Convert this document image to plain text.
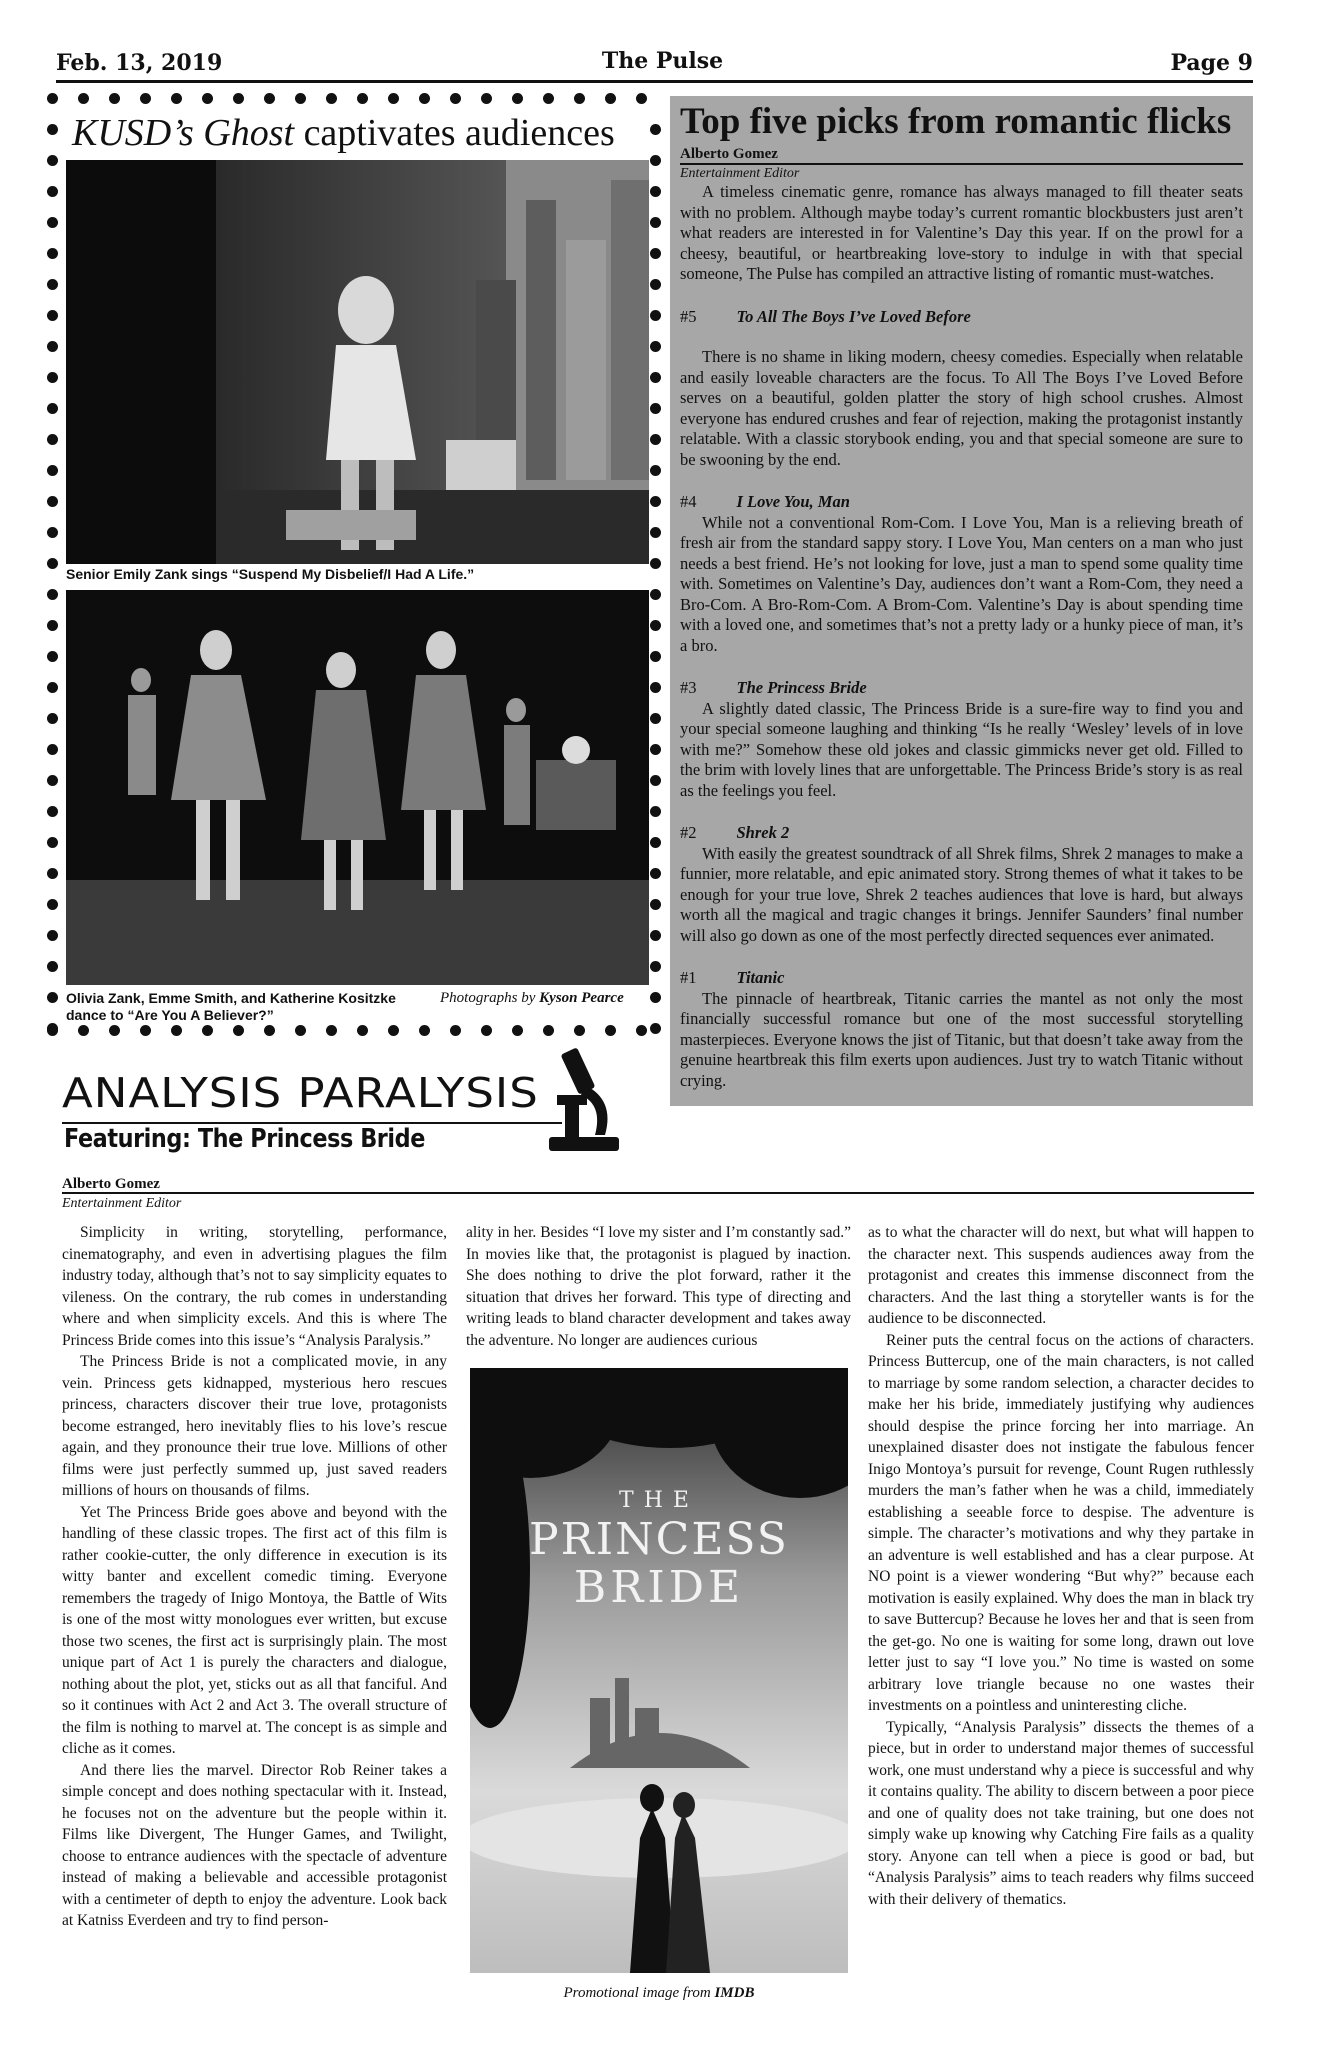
Feb. 13, 2019	The Pulse	Page 9
KUSD’s Ghost captivates audiences
Senior Emily Zank sings “Suspend My Disbelief/I Had A Life.”
Olivia Zank, Emme Smith, and Katherine Kositzke dance to “Are You A Believer?”
Photographs by Kyson Pearce
Top five picks from romantic flicks
Alberto Gomez
Entertainment Editor

A timeless cinematic genre, romance has always managed to fill theater seats with no problem. Although maybe today’s current romantic blockbusters just aren’t what readers are interested in for Valentine’s Day this year. If on the prowl for a cheesy, beautiful, or heartbreaking love-story to indulge in with that special someone, The Pulse has compiled an attractive listing of romantic must-watches.

#5 To All The Boys I’ve Loved Before

There is no shame in liking modern, cheesy comedies. Especially when relatable and easily loveable characters are the focus. To All The Boys I’ve Loved Before serves on a beautiful, golden platter the story of high school crushes. Almost everyone has endured crushes and fear of rejection, making the protagonist instantly relatable. With a classic storybook ending, you and that special someone are sure to be swooning by the end.

#4 I Love You, Man

While not a conventional Rom-Com. I Love You, Man is a relieving breath of fresh air from the standard sappy story. I Love You, Man centers on a man who just needs a best friend. He’s not looking for love, just a man to spend some quality time with. Sometimes on Valentine’s Day, audiences don’t want a Rom-Com, they need a Bro-Com. A Bro-Rom-Com. A Brom-Com. Valentine’s Day is about spending time with a loved one, and sometimes that’s not a pretty lady or a hunky piece of man, it’s a bro.

#3 The Princess Bride

A slightly dated classic, The Princess Bride is a sure-fire way to find you and your special someone laughing and thinking “Is he really ‘Wesley’ levels of in love with me?” Somehow these old jokes and classic gimmicks never get old. Filled to the brim with lovely lines that are unforgettable. The Princess Bride’s story is as real as the feelings you feel.

#2 Shrek 2

With easily the greatest soundtrack of all Shrek films, Shrek 2 manages to make a funnier, more relatable, and epic animated story. Strong themes of what it takes to be enough for your true love, Shrek 2 teaches audiences that love is hard, but always worth all the magical and tragic changes it brings. Jennifer Saunders’ final number will also go down as one of the most perfectly directed sequences ever animated.

#1 Titanic

The pinnacle of heartbreak, Titanic carries the mantel as not only the most financially successful romance but one of the most successful storytelling masterpieces. Everyone knows the jist of Titanic, but that doesn’t take away from the genuine heartbreak this film exerts upon audiences. Just try to watch Titanic without crying.

ANALYSIS PARALYSIS
Featuring: The Princess Bride
Alberto Gomez
Entertainment Editor

Simplicity in writing, storytelling, performance, cinematography, and even in advertising plagues the film industry today, although that’s not to say simplicity equates to vileness. On the contrary, the rub comes in understanding where and when simplicity excels. And this is where The Princess Bride comes into this issue’s “Analysis Paralysis.”

The Princess Bride is not a complicated movie, in any vein. Princess gets kidnapped, mysterious hero rescues princess, characters discover their true love, protagonists become estranged, hero inevitably flies to his love’s rescue again, and they pronounce their true love. Millions of other films were just perfectly summed up, just saved readers millions of hours on thousands of films.

Yet The Princess Bride goes above and beyond with the handling of these classic tropes. The first act of this film is rather cookie-cutter, the only difference in execution is its witty banter and excellent comedic timing. Everyone remembers the tragedy of Inigo Montoya, the Battle of Wits is one of the most witty monologues ever written, but excuse those two scenes, the first act is surprisingly plain. The most unique part of Act 1 is purely the characters and dialogue, nothing about the plot, yet, sticks out as all that fanciful. And so it continues with Act 2 and Act 3. The overall structure of the film is nothing to marvel at. The concept is as simple and cliche as it comes.

And there lies the marvel. Director Rob Reiner takes a simple concept and does nothing spectacular with it. Instead, he focuses not on the adventure but the people within it. Films like Divergent, The Hunger Games, and Twilight, choose to entrance audiences with the spectacle of adventure instead of making a believable and accessible protagonist with a centimeter of depth to enjoy the adventure. Look back at Katniss Everdeen and try to find person-

ality in her. Besides “I love my sister and I’m constantly sad.” In movies like that, the protagonist is plagued by inaction. She does nothing to drive the plot forward, rather it the situation that drives her forward. This type of directing and writing leads to bland character development and takes away the adventure. No longer are audiences curious

THE
PRINCESS
BRIDE
Promotional image from IMDB

as to what the character will do next, but what will happen to the character next. This suspends audiences away from the protagonist and creates this immense disconnect from the characters. And the last thing a storyteller wants is for the audience to be disconnected.

Reiner puts the central focus on the actions of characters. Princess Buttercup, one of the main characters, is not called to marriage by some random selection, a character decides to make her his bride, immediately justifying why audiences should despise the prince forcing her into marriage. An unexplained disaster does not instigate the fabulous fencer Inigo Montoya’s pursuit for revenge, Count Rugen ruthlessly murders the man’s father when he was a child, immediately establishing a seeable force to despise. The adventure is simple. The character’s motivations and why they partake in an adventure is well established and has a clear purpose. At NO point is a viewer wondering “But why?” because each motivation is easily explained. Why does the man in black try to save Buttercup? Because he loves her and that is seen from the get-go. No one is waiting for some long, drawn out love letter just to say “I love you.” No time is wasted on some arbitrary love triangle because no one wastes their investments on a pointless and uninteresting cliche.

Typically, “Analysis Paralysis” dissects the themes of a piece, but in order to understand major themes of successful work, one must understand why a piece is successful and why it contains quality. The ability to discern between a poor piece and one of quality does not take training, but one does not simply wake up knowing why Catching Fire fails as a quality story. Anyone can tell when a piece is good or bad, but “Analysis Paralysis” aims to teach readers why films succeed with their delivery of thematics.
